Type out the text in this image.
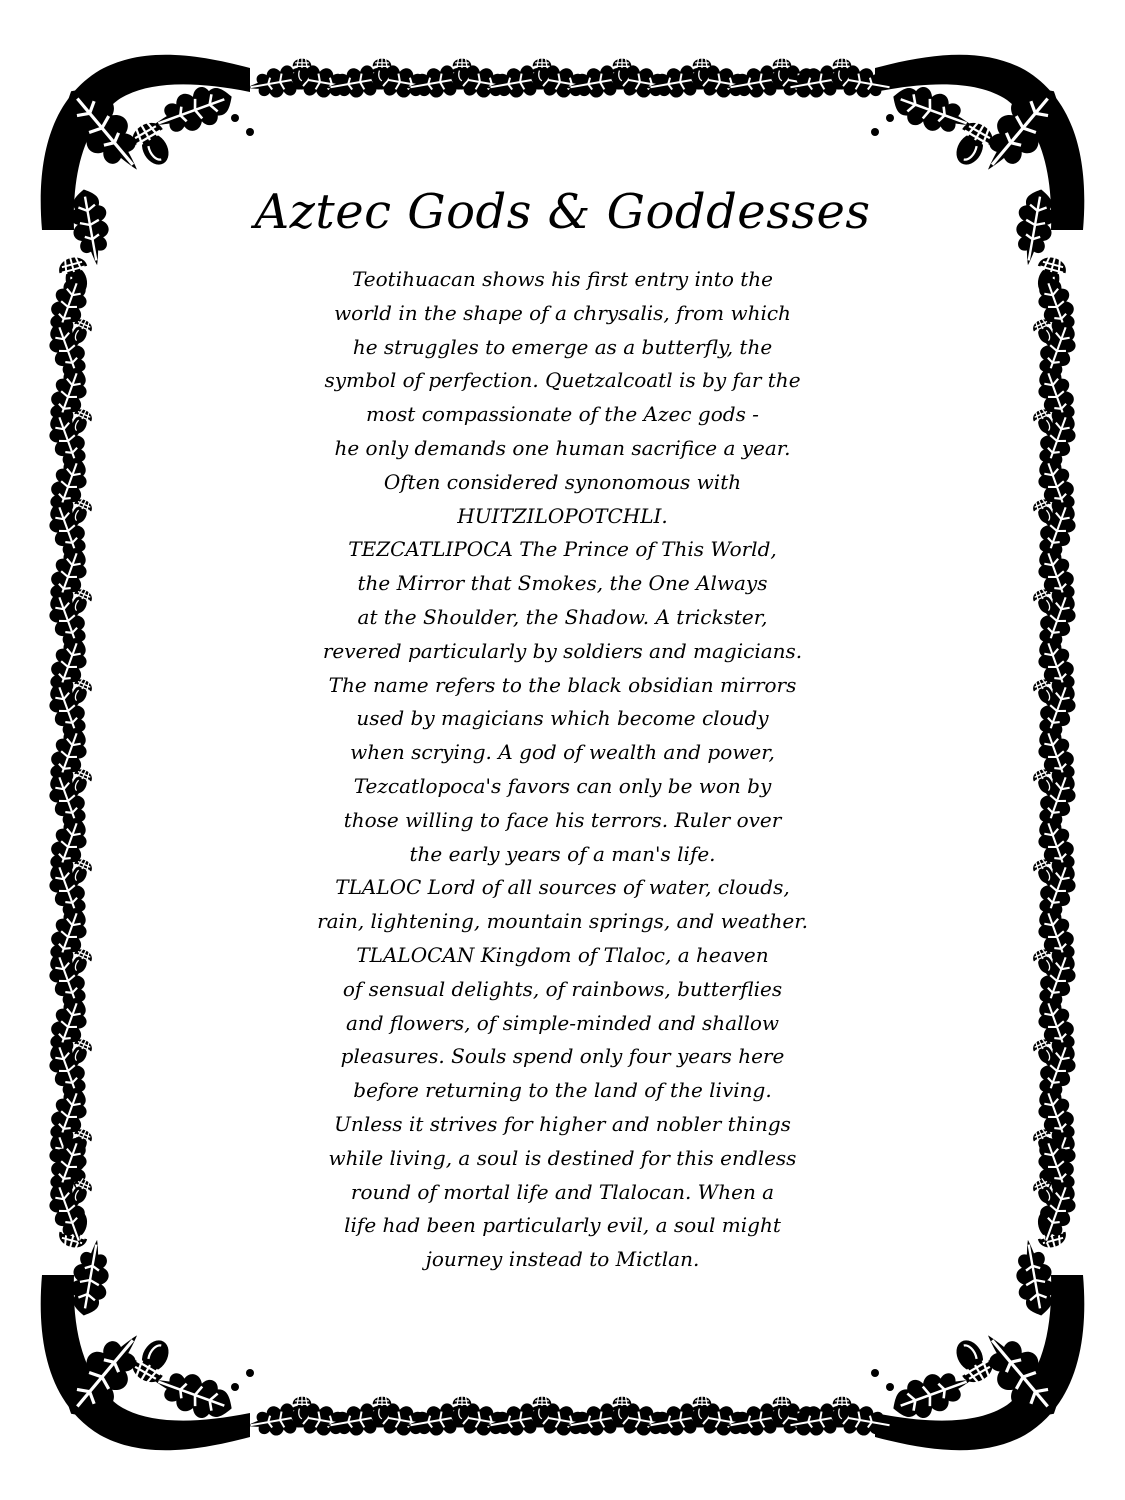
Aztec Gods & Goddesses
Teotihuacan shows his first entry into the
world in the shape of a chrysalis, from which
he struggles to emerge as a butterfly, the
symbol of perfection. Quetzalcoatl is by far the
most compassionate of the Azec gods -
he only demands one human sacrifice a year.
Often considered synonomous with
HUITZILOPOTCHLI.
TEZCATLIPOCA The Prince of This World,
the Mirror that Smokes, the One Always
at the Shoulder, the Shadow. A trickster,
revered particularly by soldiers and magicians.
The name refers to the black obsidian mirrors
used by magicians which become cloudy
when scrying. A god of wealth and power,
Tezcatlopoca's favors can only be won by
those willing to face his terrors. Ruler over
the early years of a man's life.
TLALOC Lord of all sources of water, clouds,
rain, lightening, mountain springs, and weather.
TLALOCAN Kingdom of Tlaloc, a heaven
of sensual delights, of rainbows, butterflies
and flowers, of simple-minded and shallow
pleasures. Souls spend only four years here
before returning to the land of the living.
Unless it strives for higher and nobler things
while living, a soul is destined for this endless
round of mortal life and Tlalocan. When a
life had been particularly evil, a soul might
journey instead to Mictlan.
